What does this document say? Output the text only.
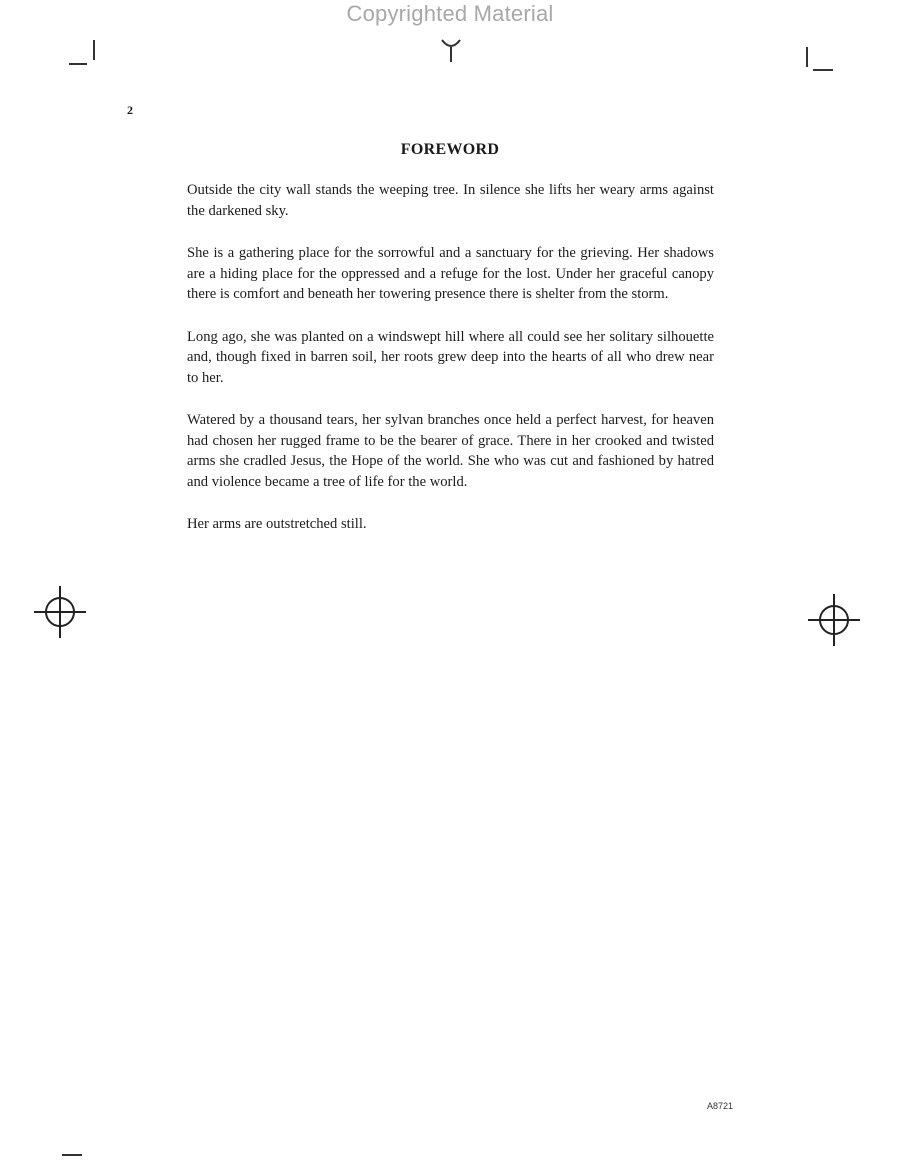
Copyrighted Material
2
FOREWORD

Outside the city wall stands the weeping tree. In silence she lifts her weary arms against the darkened sky.

She is a gathering place for the sorrowful and a sanctuary for the grieving. Her shadows are a hiding place for the oppressed and a refuge for the lost. Under her graceful canopy there is comfort and beneath her towering presence there is shelter from the storm.

Long ago, she was planted on a windswept hill where all could see her solitary silhouette and, though fixed in barren soil, her roots grew deep into the hearts of all who drew near to her.

Watered by a thousand tears, her sylvan branches once held a perfect harvest, for heaven had chosen her rugged frame to be the bearer of grace. There in her crooked and twisted arms she cradled Jesus, the Hope of the world. She who was cut and fashioned by hatred and violence became a tree of life for the world.

Her arms are outstretched still.

A8721
